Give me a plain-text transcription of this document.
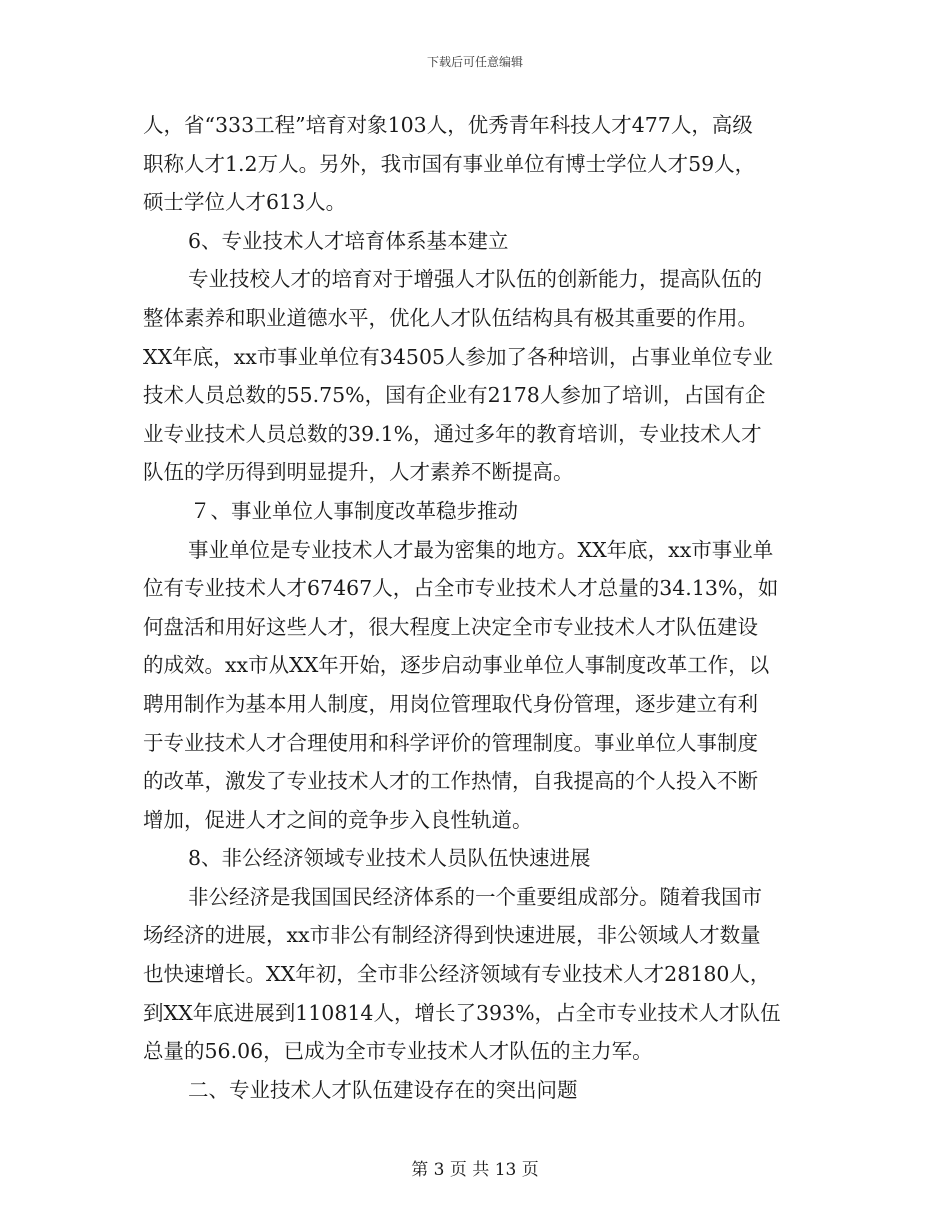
下载后可任意编辑
人，省“333工程”培育对象103人，优秀青年科技人才477人，高级
职称人才1.2万人。另外，我市国有事业单位有博士学位人才59人，
硕士学位人才613人。
6、专业技术人才培育体系基本建立
专业技校人才的培育对于增强人才队伍的创新能力，提高队伍的
整体素养和职业道德水平，优化人才队伍结构具有极其重要的作用。
XX年底，xx市事业单位有34505人参加了各种培训，占事业单位专业
技术人员总数的55.75%，国有企业有2178人参加了培训，占国有企
业专业技术人员总数的39.1%，通过多年的教育培训，专业技术人才
队伍的学历得到明显提升，人才素养不断提高。
７、事业单位人事制度改革稳步推动
事业单位是专业技术人才最为密集的地方。XX年底，xx市事业单
位有专业技术人才67467人，占全市专业技术人才总量的34.13%，如
何盘活和用好这些人才，很大程度上决定全市专业技术人才队伍建设
的成效。xx市从XX年开始，逐步启动事业单位人事制度改革工作，以
聘用制作为基本用人制度，用岗位管理取代身份管理，逐步建立有利
于专业技术人才合理使用和科学评价的管理制度。事业单位人事制度
的改革，激发了专业技术人才的工作热情，自我提高的个人投入不断
增加，促进人才之间的竞争步入良性轨道。
8、非公经济领域专业技术人员队伍快速进展
非公经济是我国国民经济体系的一个重要组成部分。随着我国市
场经济的进展，xx市非公有制经济得到快速进展，非公领域人才数量
也快速增长。XX年初，全市非公经济领域有专业技术人才28180人，
到XX年底进展到110814人，增长了393%，占全市专业技术人才队伍
总量的56.06，已成为全市专业技术人才队伍的主力军。
二、专业技术人才队伍建设存在的突出问题
第 3 页 共 13 页
